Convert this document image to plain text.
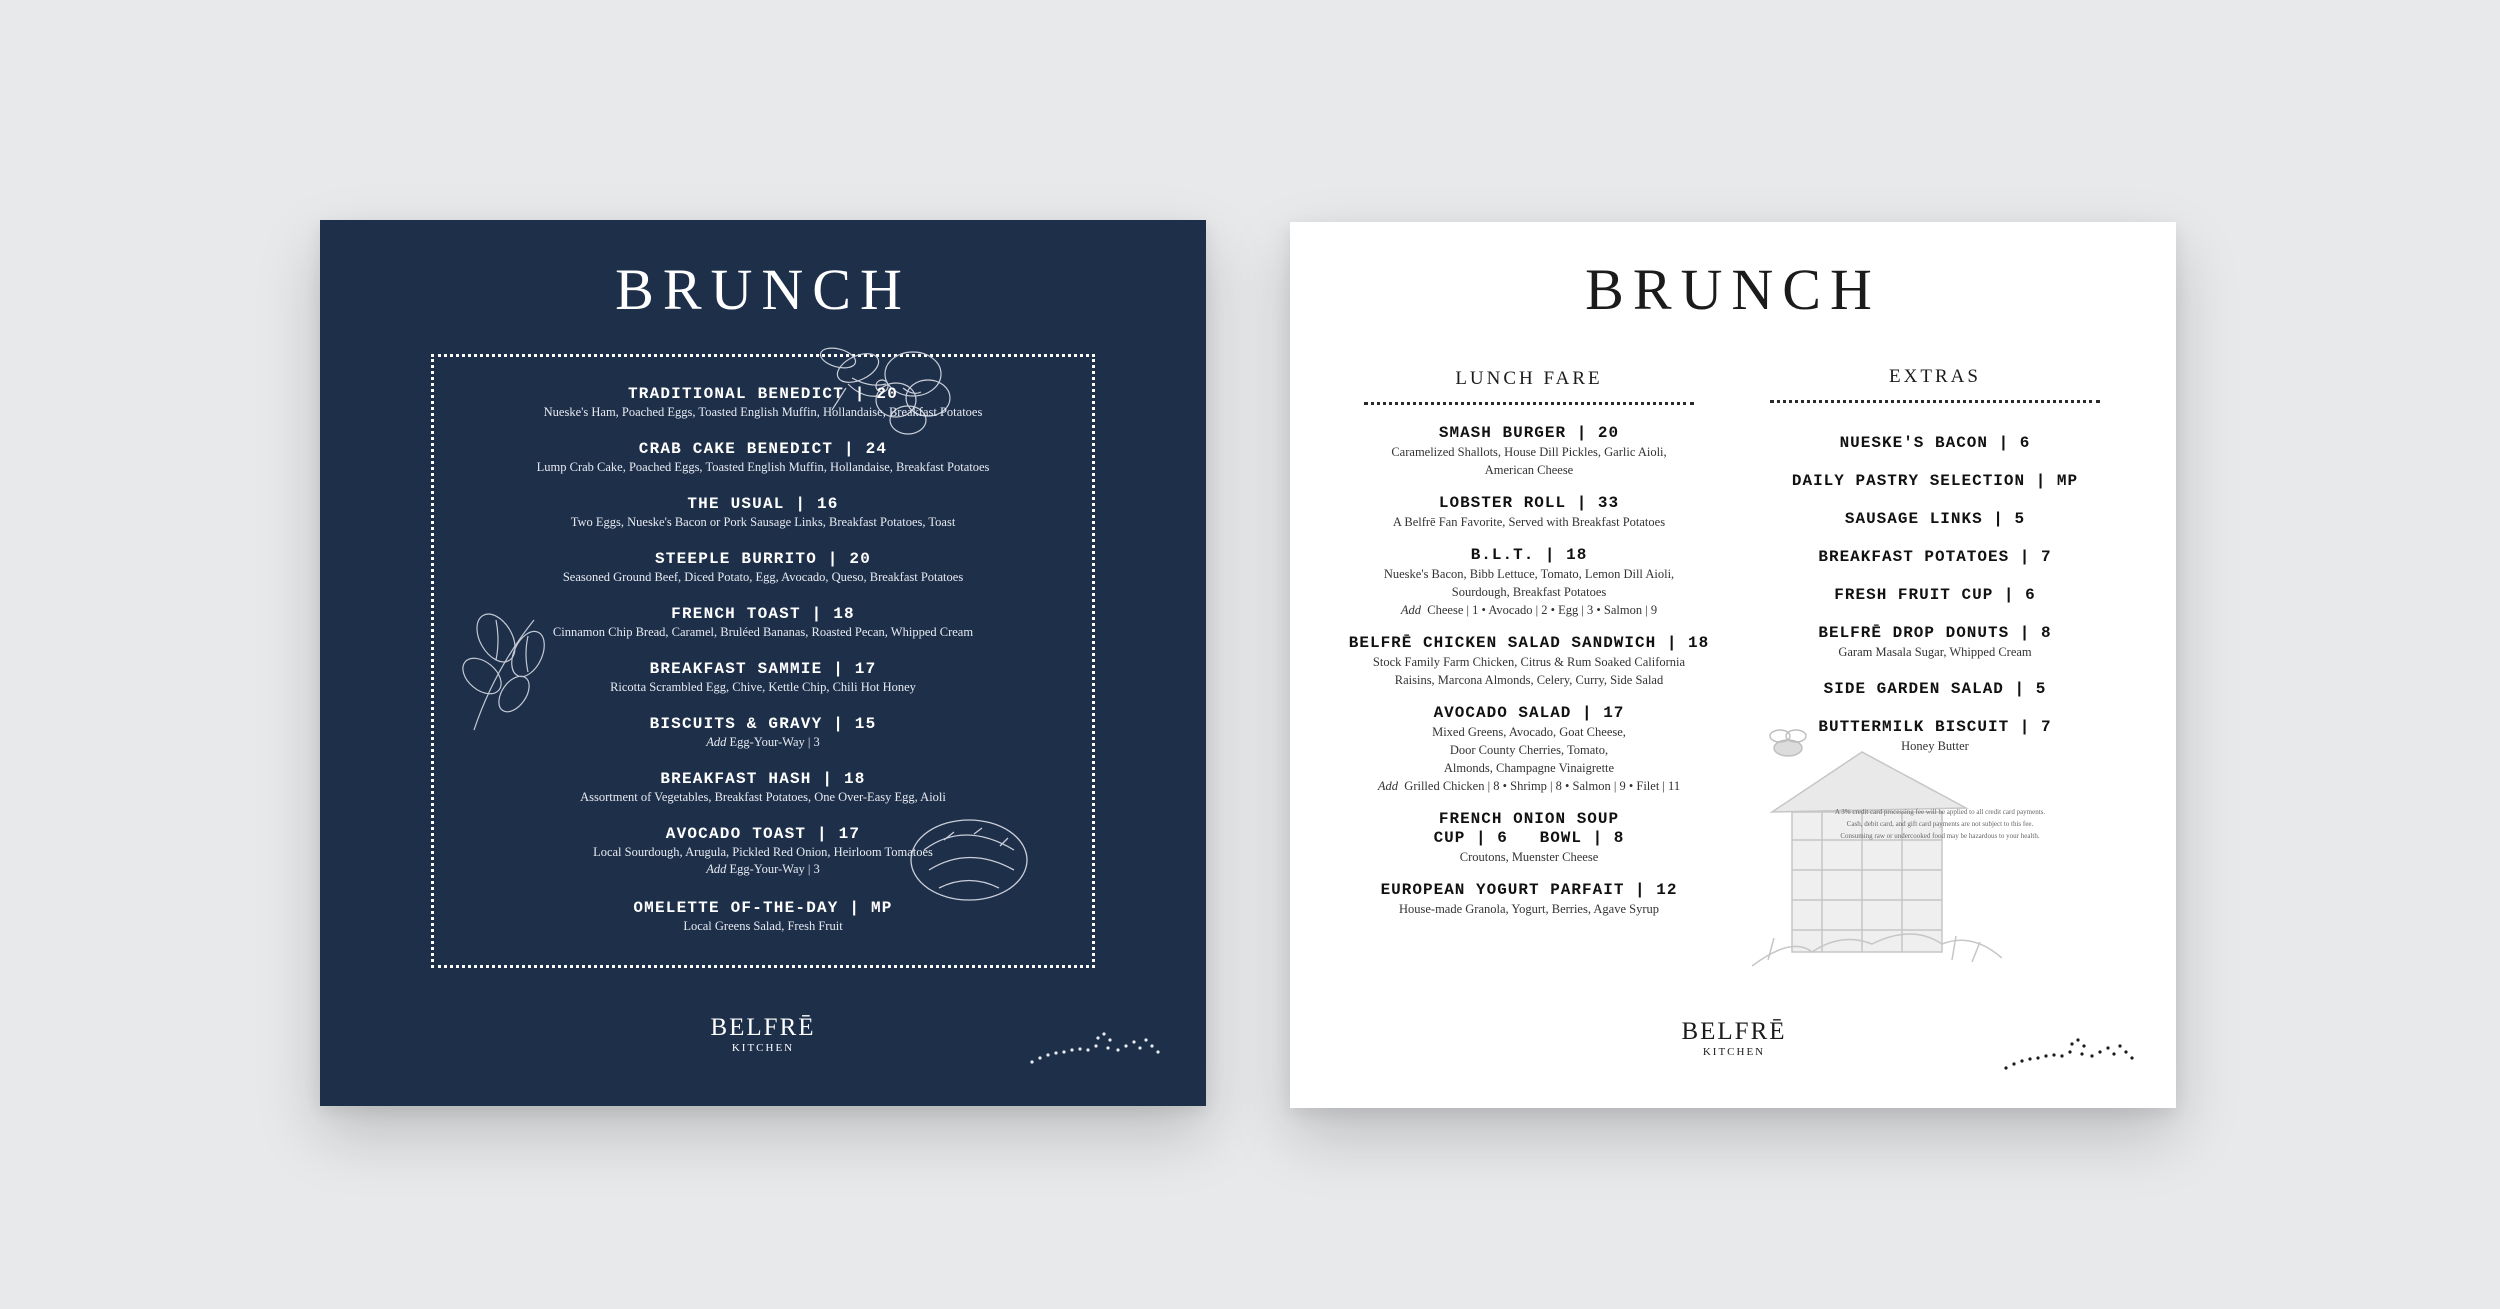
BRUNCH
TRADITIONAL BENEDICT | 20
Nueske's Ham, Poached Eggs, Toasted English Muffin, Hollandaise, Breakfast Potatoes
CRAB CAKE BENEDICT | 24
Lump Crab Cake, Poached Eggs, Toasted English Muffin, Hollandaise, Breakfast Potatoes
THE USUAL | 16
Two Eggs, Nueske's Bacon or Pork Sausage Links, Breakfast Potatoes, Toast
STEEPLE BURRITO | 20
Seasoned Ground Beef, Diced Potato, Egg, Avocado, Queso, Breakfast Potatoes
FRENCH TOAST | 18
Cinnamon Chip Bread, Caramel, Bruléed Bananas, Roasted Pecan, Whipped Cream
BREAKFAST SAMMIE | 17
Ricotta Scrambled Egg, Chive, Kettle Chip, Chili Hot Honey
BISCUITS & GRAVY | 15
Add Egg-Your-Way | 3
BREAKFAST HASH | 18
Assortment of Vegetables, Breakfast Potatoes, One Over-Easy Egg, Aioli
AVOCADO TOAST | 17
Local Sourdough, Arugula, Pickled Red Onion, Heirloom Tomatoes
Add Egg-Your-Way | 3
OMELETTE OF-THE-DAY | MP
Local Greens Salad, Fresh Fruit
BELFRĒ
KITCHEN
BRUNCH
LUNCH FARE	EXTRAS
A 3% credit card processing fee will be applied to all credit card payments.
Cash, debit card, and gift card payments are not subject to this fee.
Consuming raw or undercooked food may be hazardous to your health.
SMASH BURGER | 20
Caramelized Shallots, House Dill Pickles, Garlic Aioli,
American Cheese
LOBSTER ROLL | 33
A Belfrē Fan Favorite, Served with Breakfast Potatoes
B.L.T. | 18
Nueske's Bacon, Bibb Lettuce, Tomato, Lemon Dill Aioli,
Sourdough, Breakfast Potatoes
Add Cheese | 1 • Avocado | 2 • Egg | 3 • Salmon | 9
BELFRĒ CHICKEN SALAD SANDWICH | 18
Stock Family Farm Chicken, Citrus & Rum Soaked California
Raisins, Marcona Almonds, Celery, Curry, Side Salad
AVOCADO SALAD | 17
Mixed Greens, Avocado, Goat Cheese,
Door County Cherries, Tomato,
Almonds, Champagne Vinaigrette
Add Grilled Chicken | 8 • Shrimp | 8 • Salmon | 9 • Filet | 11
FRENCH ONION SOUP
CUP | 6   BOWL | 8
Croutons, Muenster Cheese
EUROPEAN YOGURT PARFAIT | 12
House-made Granola, Yogurt, Berries, Agave Syrup
NUESKE'S BACON | 6
DAILY PASTRY SELECTION | MP
SAUSAGE LINKS | 5
BREAKFAST POTATOES | 7
FRESH FRUIT CUP | 6
BELFRĒ DROP DONUTS | 8
Garam Masala Sugar, Whipped Cream
SIDE GARDEN SALAD | 5
BUTTERMILK BISCUIT | 7
Honey Butter
BELFRĒ
KITCHEN
